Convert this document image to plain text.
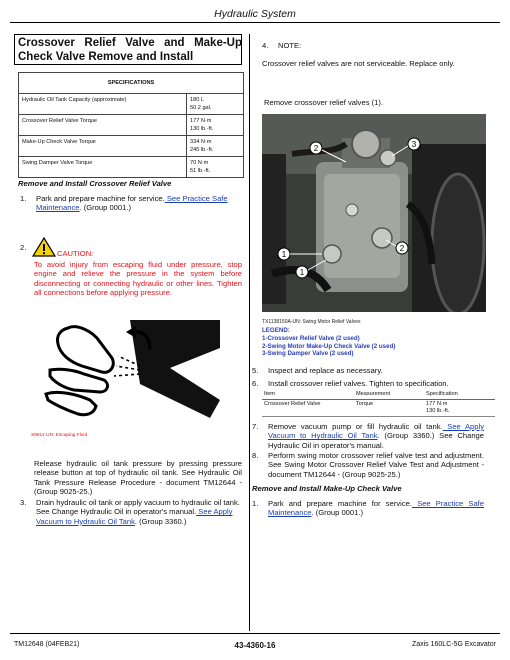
Hydraulic System
Crossover Relief Valve and Make-Up Check Valve Remove and Install
SPECIFICATIONS	
Hydraulic Oil Tank Capacity (approximate)	180 L
50.2 gal.

Crossover Relief Valve Torque	177 N·m
130 lb.-ft.

Make-Up Check Valve Torque	334 N·m
245 lb.-ft.

Swing Damper Valve Torque	70 N·m
51 lb.-ft.
Remove and Install Crossover Relief Valve
1. Park and prepare machine for service. See Practice Safe Maintenance. (Group 0001.)
2.
CAUTION:
To avoid injury from escaping fluid under pressure, stop engine and relieve the pressure in the system before disconnecting or connecting hydraulic or other lines. Tighten all connections before applying pressure.
X9811-UN: Escaping Fluid
Release hydraulic oil tank pressure by pressing pressure release button at top of hydraulic oil tank. See Hydraulic Oil Tank Pressure Release Procedure - document TM12644 - (Group 9025-25.)
3. Drain hydraulic oil tank or apply vacuum to hydraulic oil tank. See Change Hydraulic Oil in operator's manual. See Apply Vacuum to Hydraulic Oil Tank. (Group 3360.)
4. NOTE:
Crossover relief valves are not serviceable. Replace only.
Remove crossover relief valves (1).
2	3
2
1
1
TX1138150A-UN: Swing Motor Relief Valves
LEGEND:
1-Crossover Relief Valve (2 used)
2-Swing Motor Make-Up Check Valve (2 used)
3-Swing Damper Valve (2 used)
5. Inspect and replace as necessary.
6. Install crossover relief valves. Tighten to specification.
Item	Measurement	Specification
Crossover Relief Valve	Torque	177 N·m
130 lb.-ft.
7. Remove vacuum pump or fill hydraulic oil tank. See Apply Vacuum to Hydraulic Oil Tank. (Group 3360.) See Change Hydraulic Oil in operator's manual.
8. Perform swing motor crossover relief valve test and adjustment. See Swing Motor Crossover Relief Valve Test and Adjustment - document TM12644 - (Group 9025-25.)
Remove and Install Make-Up Check Valve
1. Park and prepare machine for service. See Practice Safe Maintenance. (Group 0001.)
TM12648 (04FEB21)	43-4360-16	Zaxis 160LC-5G Excavator
